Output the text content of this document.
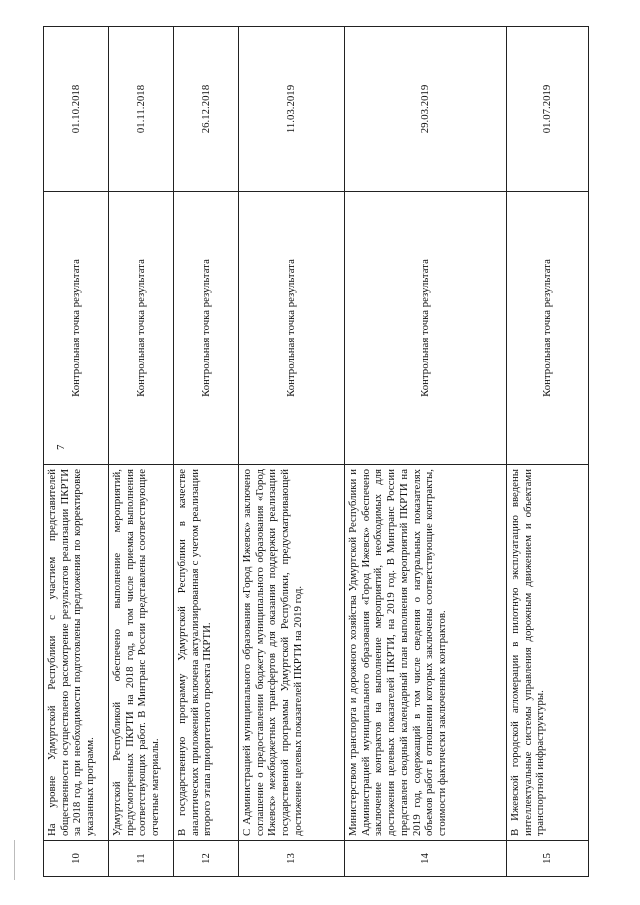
7
10	На уровне Удмуртской Республики с участием представителей общественности осуществлено рассмотрение результатов реализации ПКРТИ за 2018 год, при необходимости подготовлены предложения по корректировке указанных программ.	Контрольная точка результата	01.10.2018
11	Удмуртской Республикой обеспечено выполнение мероприятий, предусмотренных ПКРТИ на 2018 год, в том числе приемка выполнения соответствующих работ. В Минтранс России представлены соответствующие отчетные материалы.	Контрольная точка результата	01.11.2018
12	В государственную программу Удмуртской Республики в качестве аналитических приложений включена актуализированная с учетом реализации второго этапа приоритетного проекта ПКРТИ.	Контрольная точка результата	26.12.2018
13	С Администрацией муниципального образования «Город Ижевск» заключено соглашение о предоставлении бюджету муниципального образования «Город Ижевск» межбюджетных трансфертов для оказания поддержки реализации государственной программы Удмуртской Республики, предусматривающей достижение целевых показателей ПКРТИ на 2019 год.	Контрольная точка результата	11.03.2019
14	Министерством транспорта и дорожного хозяйства Удмуртской Республики и Администрацией муниципального образования «Город Ижевск» обеспечено заключение контрактов на выполнение мероприятий, необходимых для достижения целевых показателей ПКРТИ, на 2019 год. В Минтранс России представлен сводный календарный план выполнения мероприятий ПКРТИ на 2019 год, содержащий в том числе сведения о натуральных показателях объемов работ в отношении которых заключены соответствующие контракты, стоимости фактически заключенных контрактов.	Контрольная точка результата	29.03.2019
15	В Ижевской городской агломерации в пилотную эксплуатацию введены интеллектуальные системы управления дорожным движением и объектами транспортной инфраструктуры.	Контрольная точка результата	01.07.2019
